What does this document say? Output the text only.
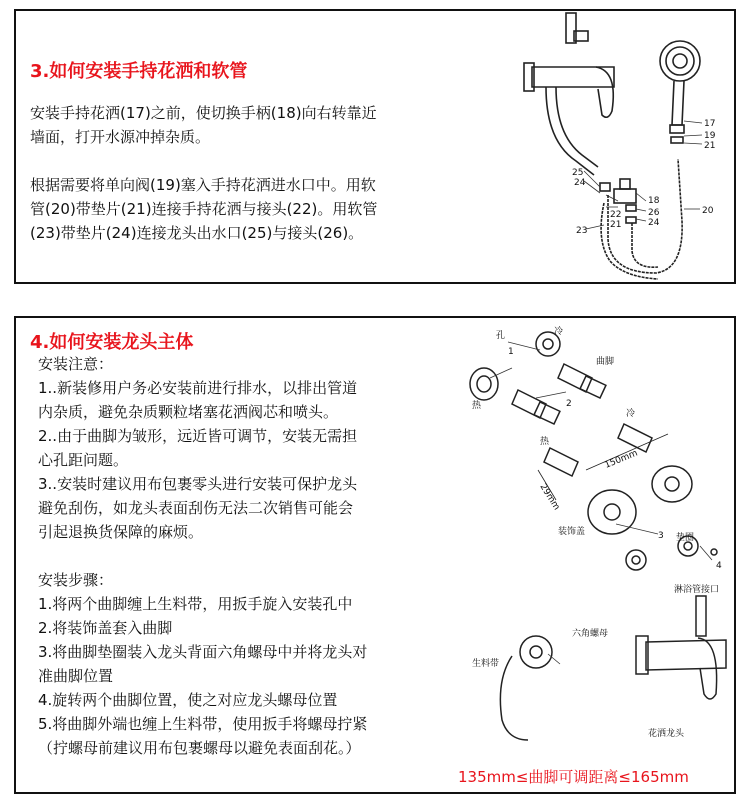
3.如何安装手持花洒和软管

安装手持花洒(17)之前，使切换手柄(18)向右转靠近

墙面，打开水源冲掉杂质。

根据需要将单向阀(19)塞入手持花洒进水口中。用软

管(20)带垫片(21)连接手持花洒与接头(22)。用软管

(23)带垫片(24)连接龙头出水口(25)与接头(26)。

17
19
21
25
24
22
21
18
26
24
23
20
4.如何安装龙头主体

安装注意：

1..新装修用户务必安装前进行排水，以排出管道

内杂质，避免杂质颗粒堵塞花洒阀芯和喷头。

2..由于曲脚为皱形，远近皆可调节，安装无需担

心孔距问题。

3..安装时建议用布包裹零头进行安装可保护龙头

避免刮伤，如龙头表面刮伤无法二次销售可能会

引起退换货保障的麻烦。

安装步骤：

1.将两个曲脚缠上生料带，用扳手旋入安装孔中

2.将装饰盖套入曲脚

3.将曲脚垫圈装入龙头背面六角螺母中并将龙头对

准曲脚位置

4.旋转两个曲脚位置，使之对应龙头螺母位置

5.将曲脚外端也缠上生料带，使用扳手将螺母拧紧

（拧螺母前建议用布包裹螺母以避免表面刮花。）

135mm≤曲脚可调距离≤165mm
孔	冷
曲脚
热
冷
热
150mm
29mm
装饰盖
垫圈
淋浴管接口
生料带
六角螺母
花洒龙头
1
2
3
4
